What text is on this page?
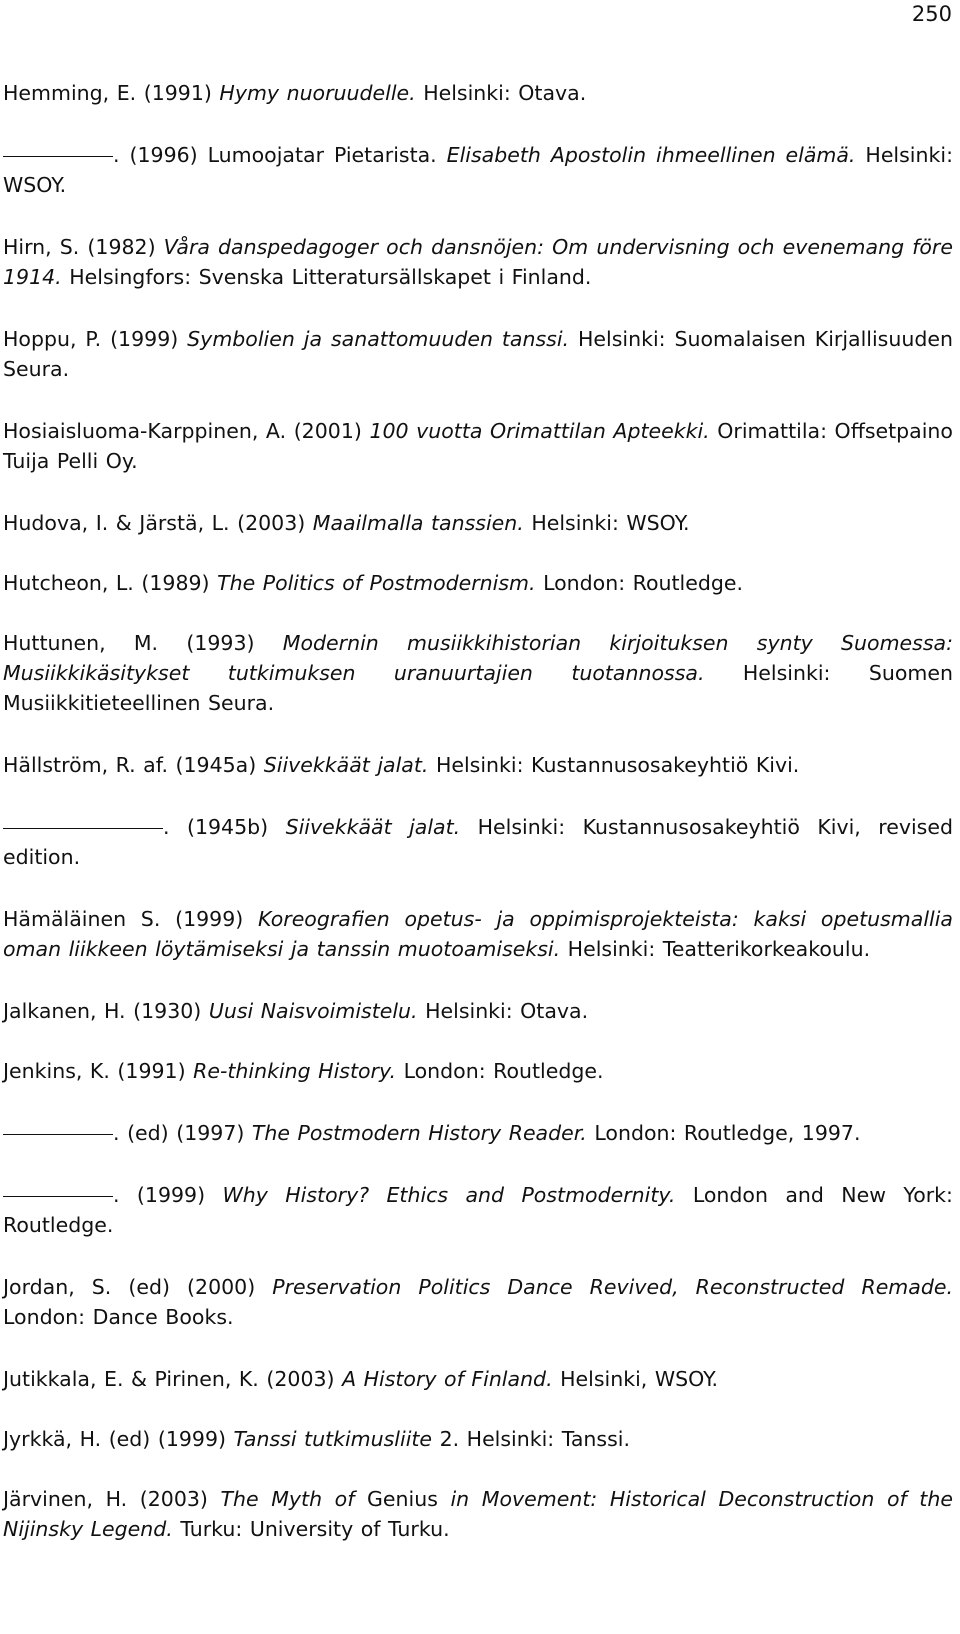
250

Hemming, E. (1991) Hymy nuoruudelle. Helsinki: Otava.

. (1996) Lumoojatar Pietarista. Elisabeth Apostolin ihmeellinen elämä. Helsinki: WSOY.

Hirn, S. (1982) Våra danspedagoger och dansnöjen: Om undervisning och evenemang före 1914. Helsingfors: Svenska Litteratursällskapet i Finland.

Hoppu, P. (1999) Symbolien ja sanattomuuden tanssi. Helsinki: Suomalaisen Kirjallisuuden Seura.

Hosiaisluoma-Karppinen, A. (2001) 100 vuotta Orimattilan Apteekki. Orimattila: Offsetpaino Tuija Pelli Oy.

Hudova, I. & Järstä, L. (2003) Maailmalla tanssien. Helsinki: WSOY.

Hutcheon, L. (1989) The Politics of Postmodernism. London: Routledge.

Huttunen, M. (1993) Modernin musiikkihistorian kirjoituksen synty Suomessa: Musiikkikäsitykset tutkimuksen uranuurtajien tuotannossa. Helsinki: Suomen Musiikkitieteellinen Seura.

Hällström, R. af. (1945a) Siivekkäät jalat. Helsinki: Kustannusosakeyhtiö Kivi.

. (1945b) Siivekkäät jalat. Helsinki: Kustannusosakeyhtiö Kivi, revised edition.

Hämäläinen S. (1999) Koreografien opetus- ja oppimisprojekteista: kaksi opetusmallia oman liikkeen löytämiseksi ja tanssin muotoamiseksi. Helsinki: Teatterikorkeakoulu.

Jalkanen, H. (1930) Uusi Naisvoimistelu. Helsinki: Otava.

Jenkins, K. (1991) Re-thinking History. London: Routledge.

. (ed) (1997) The Postmodern History Reader. London: Routledge, 1997.

. (1999) Why History? Ethics and Postmodernity. London and New York: Routledge.

Jordan, S. (ed) (2000) Preservation Politics Dance Revived, Reconstructed Remade. London: Dance Books.

Jutikkala, E. & Pirinen, K. (2003) A History of Finland. Helsinki, WSOY.

Jyrkkä, H. (ed) (1999) Tanssi tutkimusliite 2. Helsinki: Tanssi.

Järvinen, H. (2003) The Myth of Genius in Movement: Historical Deconstruction of the Nijinsky Legend. Turku: University of Turku.
